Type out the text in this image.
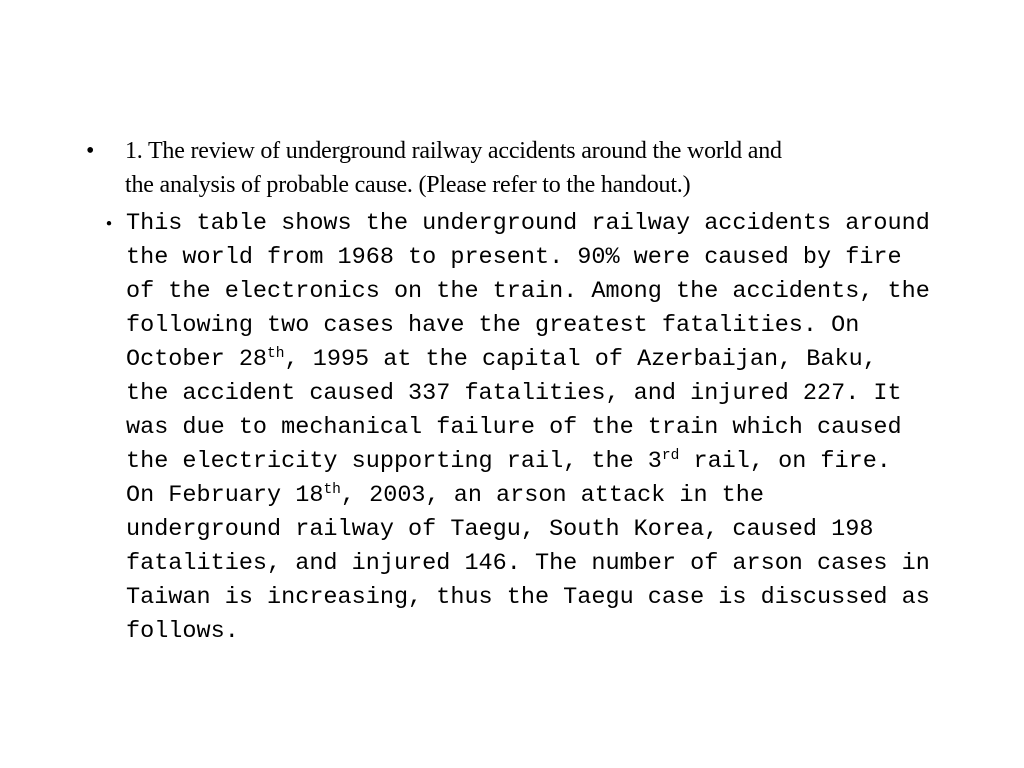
• 1. The review of underground railway accidents around the world and
the analysis of probable cause. (Please refer to the handout.)
・ This table shows the underground railway accidents around
the world from 1968 to present. 90% were caused by fire
of the electronics on the train. Among the accidents, the
following two cases have the greatest fatalities. On
October 28th, 1995 at the capital of Azerbaijan, Baku,
the accident caused 337 fatalities, and injured 227. It
was due to mechanical failure of the train which caused
the electricity supporting rail, the 3rd rail, on fire.
On February 18th, 2003, an arson attack in the
underground railway of Taegu, South Korea, caused 198
fatalities, and injured 146. The number of arson cases in
Taiwan is increasing, thus the Taegu case is discussed as
follows.
